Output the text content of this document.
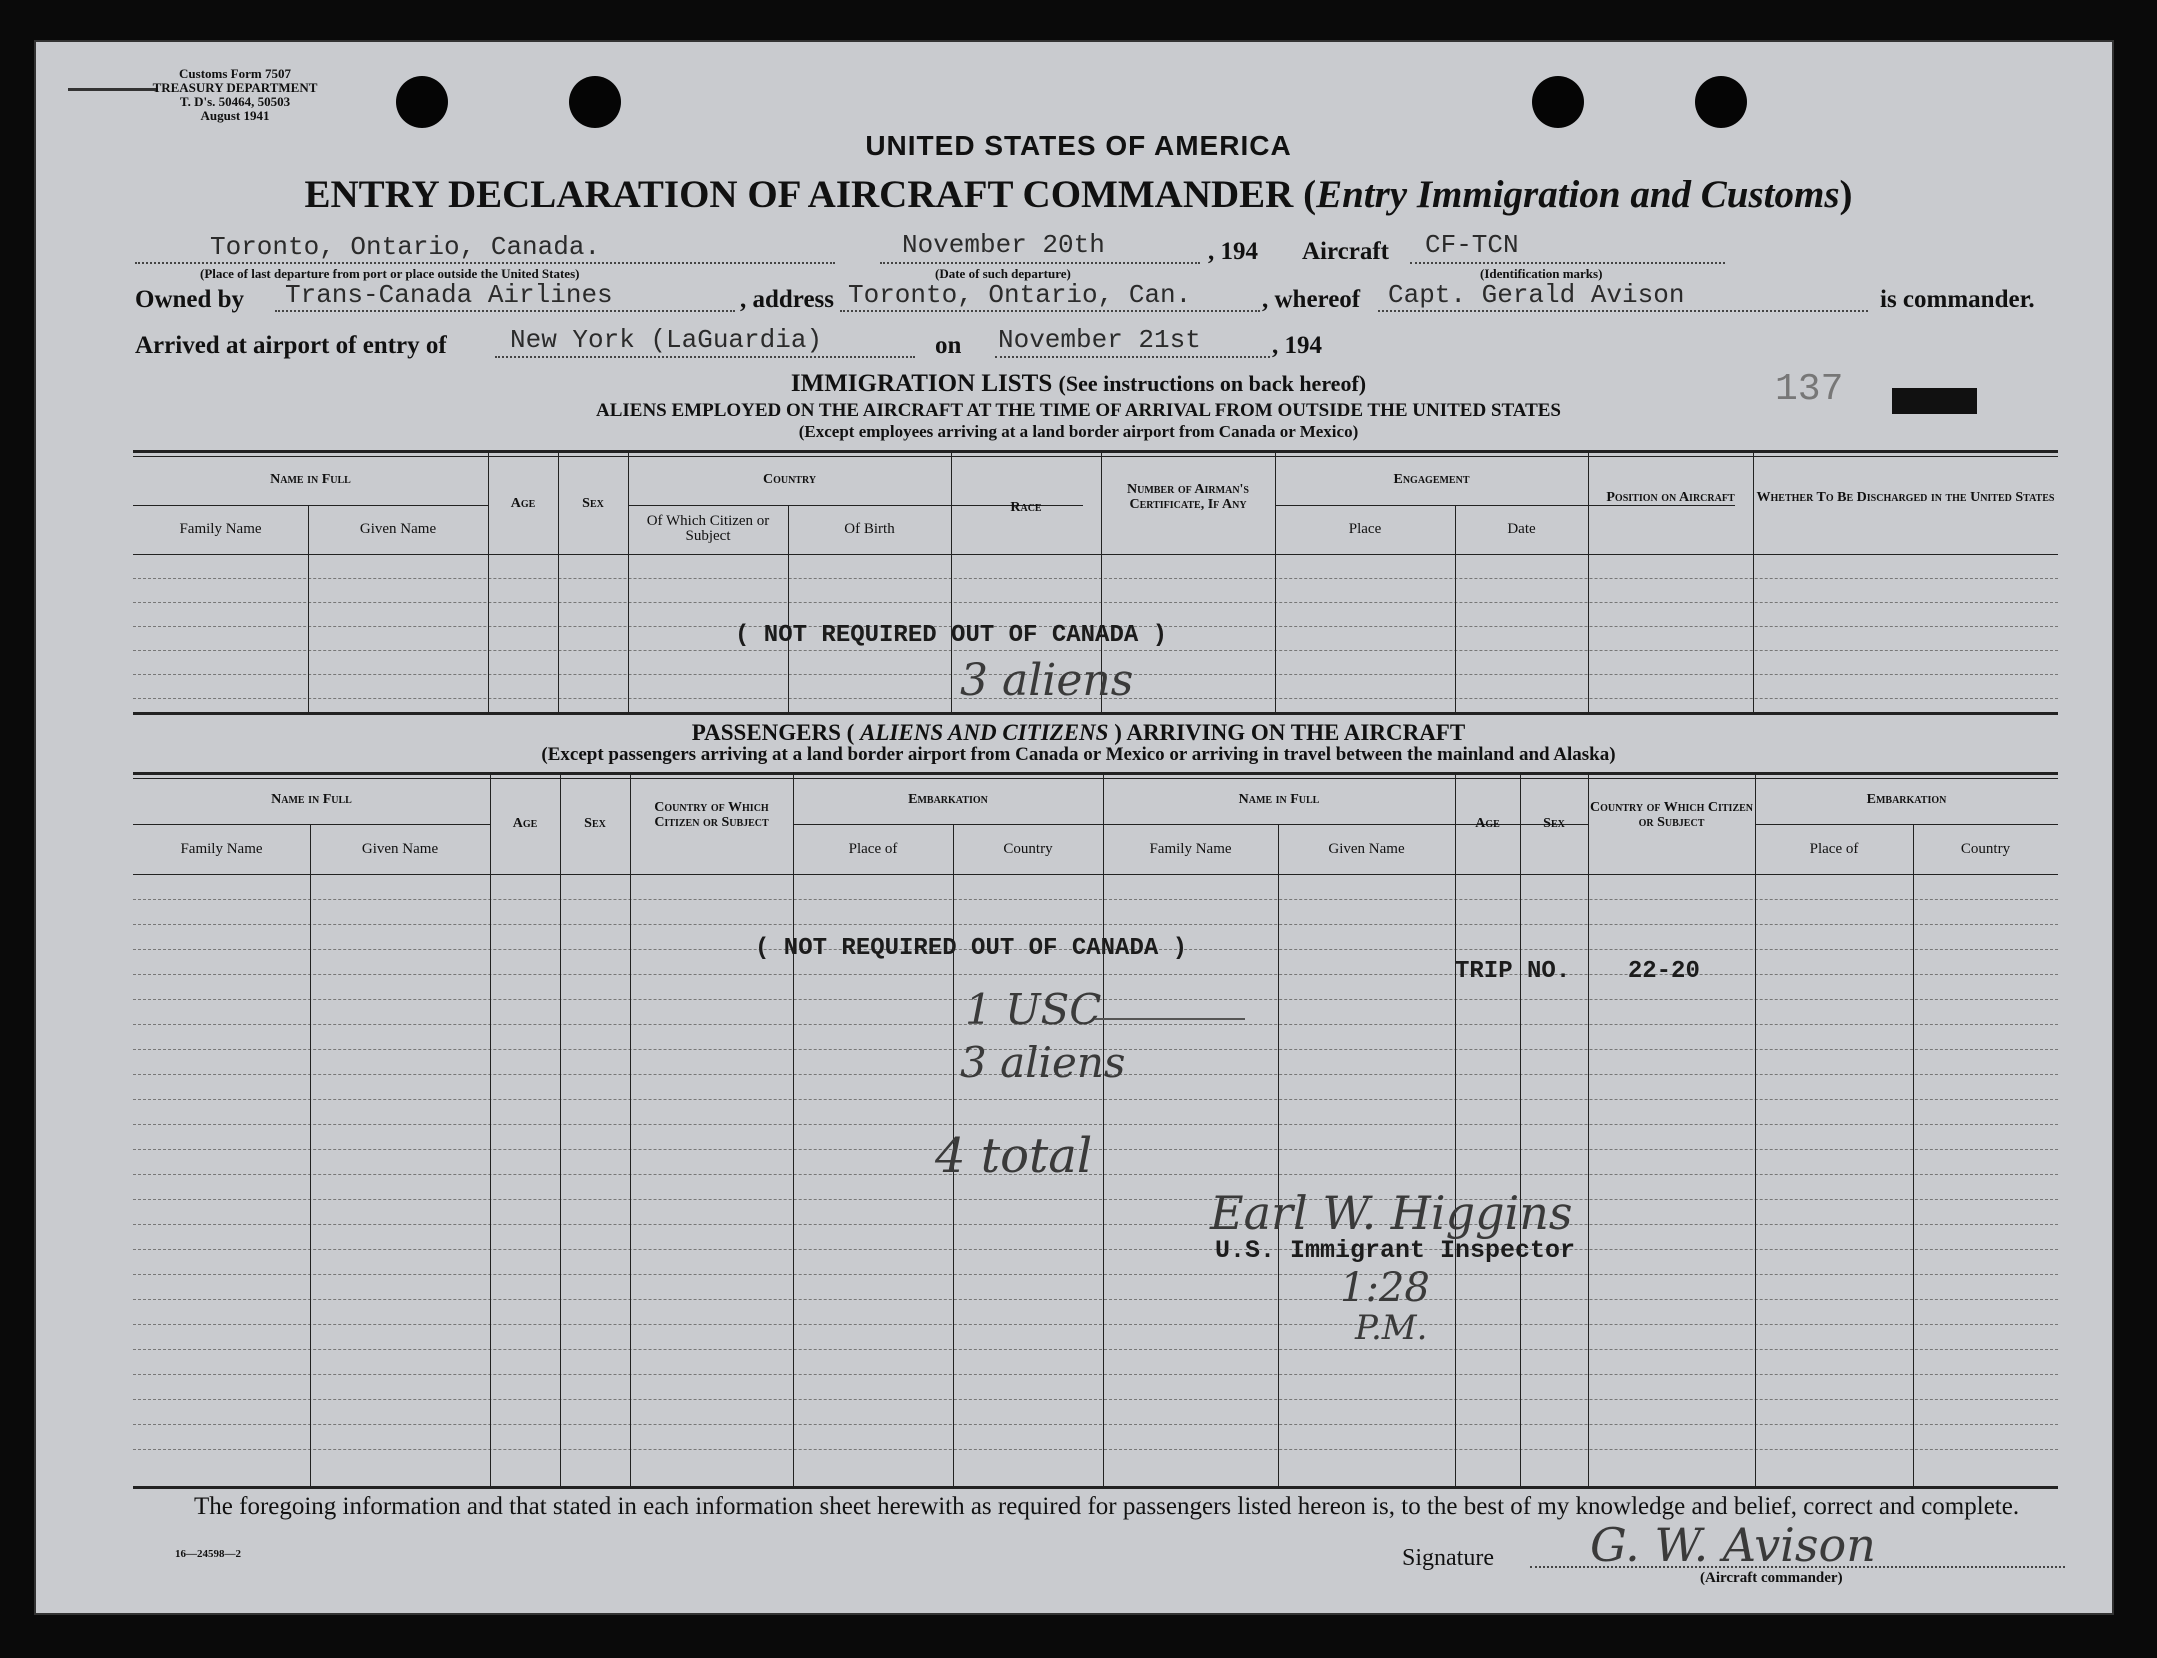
Customs Form 7507
TREASURY DEPARTMENT
T. D's. 50464, 50503
August 1941
UNITED STATES OF AMERICA
ENTRY DECLARATION OF AIRCRAFT COMMANDER (Entry Immigration and Customs)
Toronto, Ontario, Canada.
(Place of last departure from port or place outside the United States)
November 20th	, 194
(Date of such departure)
Aircraft CF-TCN
(Identification marks)
Owned by Trans-Canada Airlines	, address Toronto, Ontario, Can.	, whereof Capt. Gerald Avison	is commander.
Arrived at airport of entry of New York (LaGuardia)	on November 21st	, 194
137
IMMIGRATION LISTS (See instructions on back hereof)
ALIENS EMPLOYED ON THE AIRCRAFT AT THE TIME OF ARRIVAL FROM OUTSIDE THE UNITED STATES
(Except employees arriving at a land border airport from Canada or Mexico)
Name in Full
Family Name	Given Name
Age	Sex
Country
Of Which Citizen or Subject	Of Birth
Race
Number of Airman's Certificate, If Any
Engagement
Place	Date
Position on Aircraft	Whether To Be Discharged in the United States
( NOT REQUIRED OUT OF CANADA )
3 aliens
PASSENGERS ( ALIENS AND CITIZENS ) ARRIVING ON THE AIRCRAFT
(Except passengers arriving at a land border airport from Canada or Mexico or arriving in travel between the mainland and Alaska)
Name in Full
Family Name	Given Name
Age	Sex
Country of Which Citizen or Subject
Embarkation
Place of	Country
Name in Full
Family Name	Given Name
Age	Sex
Country of Which Citizen or Subject
Embarkation
Place of	Country
( NOT REQUIRED OUT OF CANADA )
TRIP NO. 22-20
1 USC
3 aliens
4 total
Earl W. Higgins
U.S. Immigrant Inspector
1:28
P.M.
The foregoing information and that stated in each information sheet herewith as required for passengers listed hereon is, to the best of my knowledge and belief, correct and complete.
16—24598—2	Signature G. W. Avison
(Aircraft commander)
